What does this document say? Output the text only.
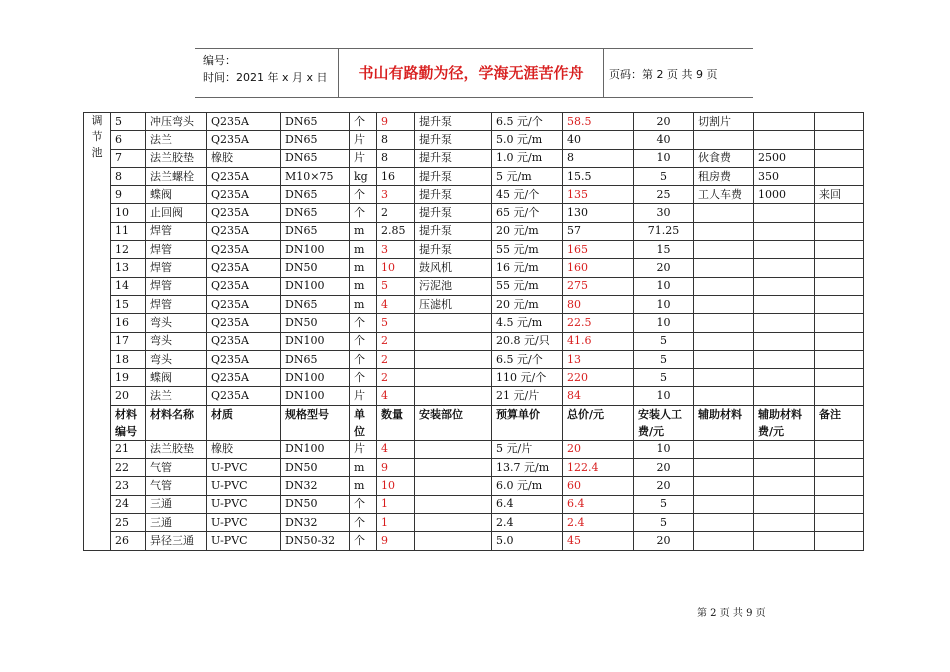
编号：
时间：2021 年 x 月 x 日	书山有路勤为径，学海无涯苦作舟	页码：第 2 页 共 9 页
调节池	5	冲压弯头	Q235A	DN65	个	9	提升泵	6.5 元/个	58.5	20	切割片		
	6	法兰	Q235A	DN65	片	8	提升泵	5.0 元/m	40	40			
	7	法兰胶垫	橡胶	DN65	片	8	提升泵	1.0 元/m	8	10	伙食费	2500	
	8	法兰螺栓	Q235A	M10×75	kg	16	提升泵	5 元/m	15.5	5	租房费	350	
	9	蝶阀	Q235A	DN65	个	3	提升泵	45 元/个	135	25	工人车费	1000	来回
	10	止回阀	Q235A	DN65	个	2	提升泵	65 元/个	130	30			
	11	焊管	Q235A	DN65	m	2.85	提升泵	20 元/m	57	71.25			
	12	焊管	Q235A	DN100	m	3	提升泵	55 元/m	165	15			
	13	焊管	Q235A	DN50	m	10	鼓风机	16 元/m	160	20			
	14	焊管	Q235A	DN100	m	5	污泥池	55 元/m	275	10			
	15	焊管	Q235A	DN65	m	4	压滤机	20 元/m	80	10			
	16	弯头	Q235A	DN50	个	5		4.5 元/m	22.5	10			
	17	弯头	Q235A	DN100	个	2		20.8 元/只	41.6	5			
	18	弯头	Q235A	DN65	个	2		6.5 元/个	13	5			
	19	蝶阀	Q235A	DN100	个	2		110 元/个	220	5			
	20	法兰	Q235A	DN100	片	4		21 元/片	84	10			
	材料编号	材料名称	材质	规格型号	单位	数量	安装部位	预算单价	总价/元	安装人工费/元	辅助材料	辅助材料费/元	备注
	21	法兰胶垫	橡胶	DN100	片	4		5 元/片	20	10			
	22	气管	U-PVC	DN50	m	9		13.7 元/m	122.4	20			
	23	气管	U-PVC	DN32	m	10		6.0 元/m	60	20			
	24	三通	U-PVC	DN50	个	1		6.4	6.4	5			
	25	三通	U-PVC	DN32	个	1		2.4	2.4	5			
	26	异径三通	U-PVC	DN50-32	个	9		5.0	45	20			
第 2 页 共 9 页
